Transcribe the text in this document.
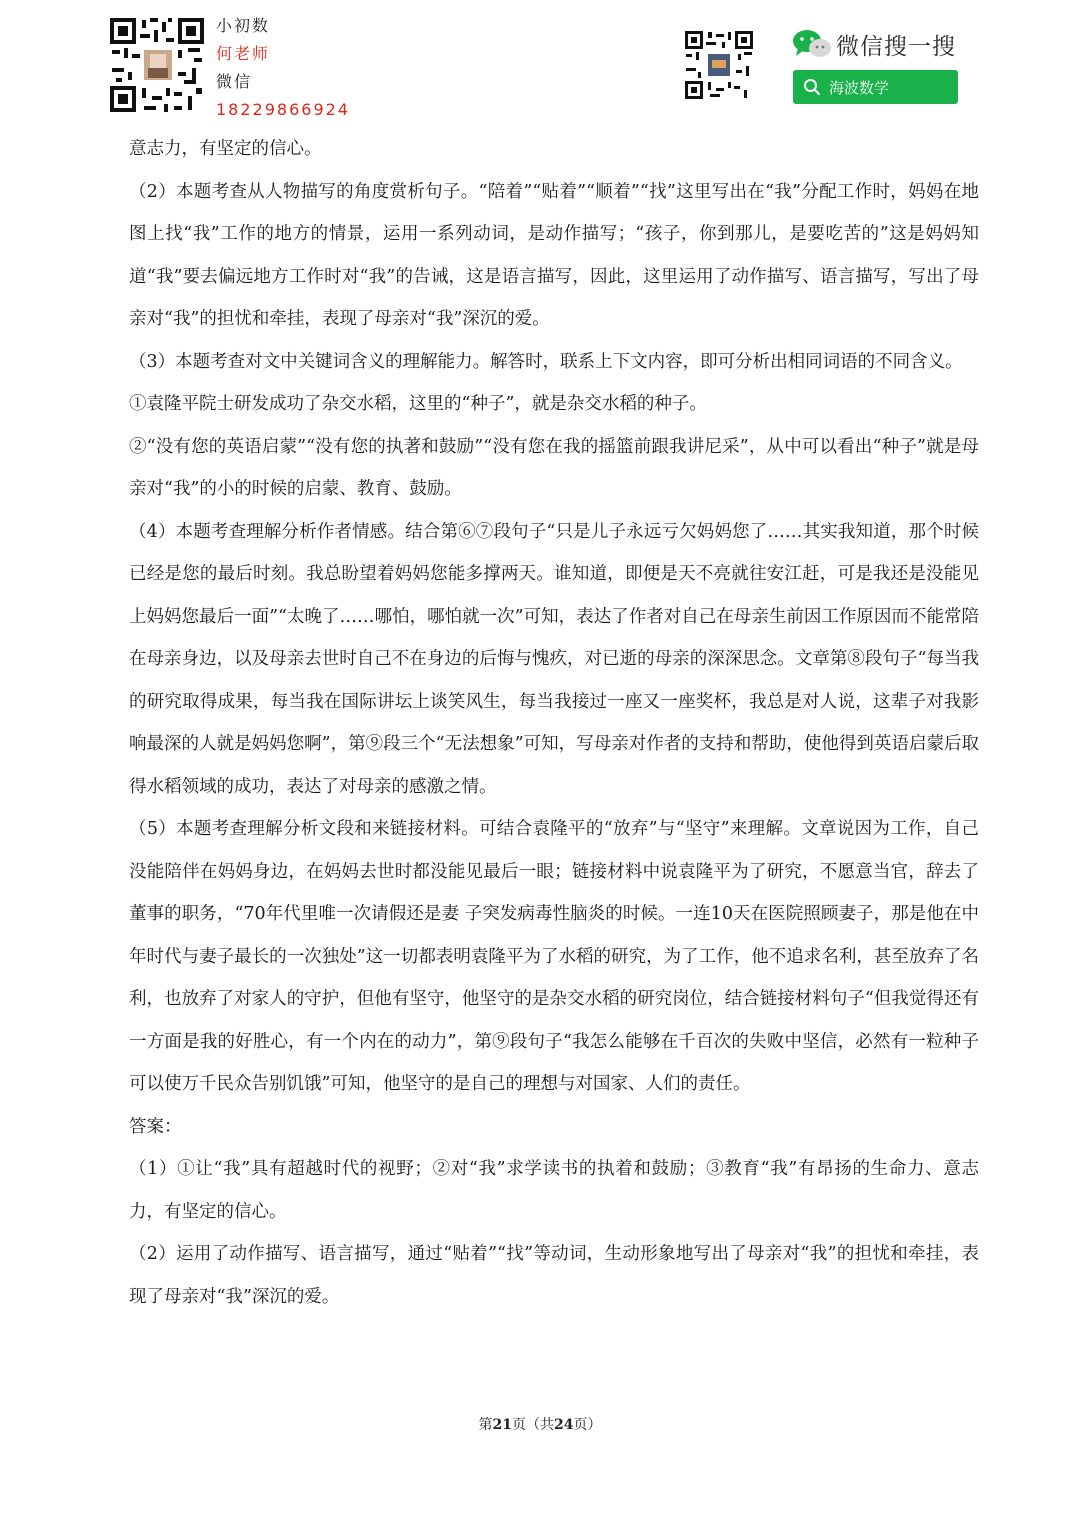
小初数
何老师
微信
18229866924
微信搜一搜
海波数学

意志力，有坚定的信心。

（2）本题考查从人物描写的角度赏析句子。“陪着”“贴着”“顺着”“找”这里写出在“我”分配工作时，妈妈在地图上找“我”工作的地方的情景，运用一系列动词，是动作描写；“孩子，你到那儿，是要吃苦的”这是妈妈知道“我”要去偏远地方工作时对“我”的告诫，这是语言描写，因此，这里运用了动作描写、语言描写，写出了母亲对“我”的担忧和牵挂，表现了母亲对“我”深沉的爱。

（3）本题考查对文中关键词含义的理解能力。解答时，联系上下文内容，即可分析出相同词语的不同含义。

①袁隆平院士研发成功了杂交水稻，这里的“种子”，就是杂交水稻的种子。

②“没有您的英语启蒙”“没有您的执著和鼓励”“没有您在我的摇篮前跟我讲尼采”，从中可以看出“种子”就是母亲对“我”的小的时候的启蒙、教育、鼓励。

（4）本题考查理解分析作者情感。结合第⑥⑦段句子“只是儿子永远亏欠妈妈您了……其实我知道，那个时候已经是您的最后时刻。我总盼望着妈妈您能多撑两天。谁知道，即便是天不亮就往安江赶，可是我还是没能见上妈妈您最后一面”“太晚了……哪怕，哪怕就一次”可知，表达了作者对自己在母亲生前因工作原因而不能常陪在母亲身边，以及母亲去世时自己不在身边的后悔与愧疚，对已逝的母亲的深深思念。文章第⑧段句子“每当我的研究取得成果，每当我在国际讲坛上谈笑风生，每当我接过一座又一座奖杯，我总是对人说，这辈子对我影响最深的人就是妈妈您啊”，第⑨段三个“无法想象”可知，写母亲对作者的支持和帮助，使他得到英语启蒙后取得水稻领域的成功，表达了对母亲的感激之情。

（5）本题考查理解分析文段和来链接材料。可结合袁隆平的“放弃”与“坚守”来理解。文章说因为工作，自己没能陪伴在妈妈身边，在妈妈去世时都没能见最后一眼；链接材料中说袁隆平为了研究，不愿意当官，辞去了董事的职务，“70年代里唯一次请假还是妻 子突发病毒性脑炎的时候。一连10天在医院照顾妻子，那是他在中年时代与妻子最长的一次独处”这一切都表明袁隆平为了水稻的研究，为了工作，他不追求名利，甚至放弃了名利，也放弃了对家人的守护，但他有坚守，他坚守的是杂交水稻的研究岗位，结合链接材料句子“但我觉得还有一方面是我的好胜心，有一个内在的动力”，第⑨段句子“我怎么能够在千百次的失败中坚信，必然有一粒种子可以使万千民众告别饥饿”可知，他坚守的是自己的理想与对国家、人们的责任。

答案：

（1）①让“我”具有超越时代的视野；②对“我”求学读书的执着和鼓励；③教育“我”有昂扬的生命力、意志力，有坚定的信心。

（2）运用了动作描写、语言描写，通过“贴着”“找”等动词，生动形象地写出了母亲对“我”的担忧和牵挂，表现了母亲对“我”深沉的爱。

第21页（共24页）
